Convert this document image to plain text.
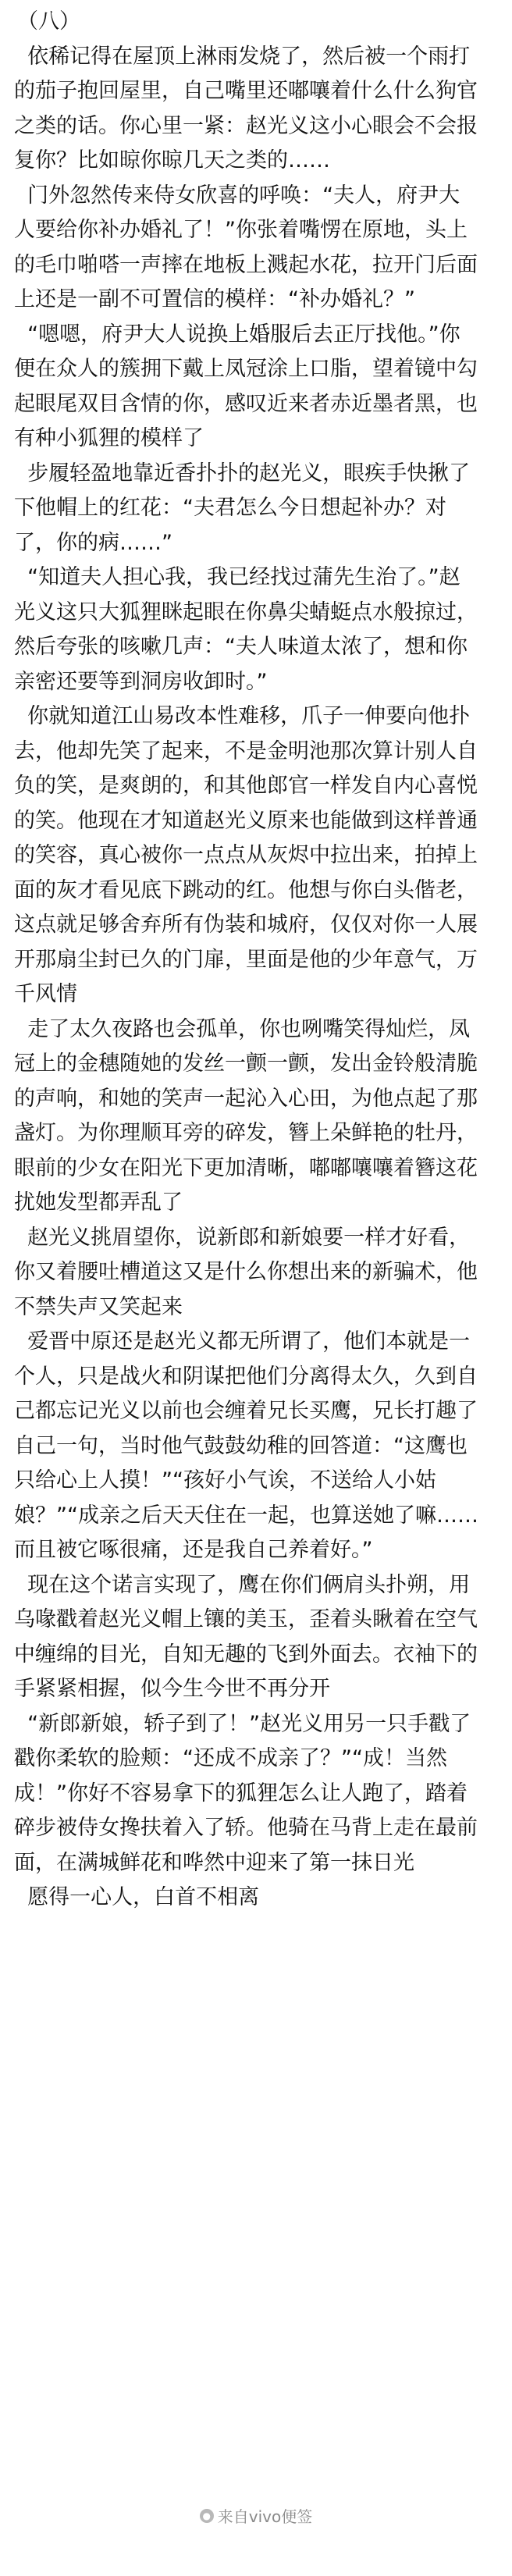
（八）

依稀记得在屋顶上淋雨发烧了，然后被一个雨打的茄子抱回屋里，自己嘴里还嘟嚷着什么什么狗官之类的话。你心里一紧：赵光义这小心眼会不会报复你？比如晾你晾几天之类的……

门外忽然传来侍女欣喜的呼唤：“夫人，府尹大人要给你补办婚礼了！”你张着嘴愣在原地，头上的毛巾啪嗒一声摔在地板上溅起水花，拉开门后面上还是一副不可置信的模样：“补办婚礼？”

“嗯嗯，府尹大人说换上婚服后去正厅找他。”你便在众人的簇拥下戴上凤冠涂上口脂，望着镜中勾起眼尾双目含情的你，感叹近来者赤近墨者黑，也有种小狐狸的模样了

步履轻盈地靠近香扑扑的赵光义，眼疾手快揪了下他帽上的红花：“夫君怎么今日想起补办？对了，你的病……”

“知道夫人担心我，我已经找过蒲先生治了。”赵光义这只大狐狸眯起眼在你鼻尖蜻蜓点水般掠过，然后夸张的咳嗽几声：“夫人味道太浓了，想和你亲密还要等到洞房收卸时。”

你就知道江山易改本性难移，爪子一伸要向他扑去，他却先笑了起来，不是金明池那次算计别人自负的笑，是爽朗的，和其他郎官一样发自内心喜悦的笑。他现在才知道赵光义原来也能做到这样普通的笑容，真心被你一点点从灰烬中拉出来，拍掉上面的灰才看见底下跳动的红。他想与你白头偕老，这点就足够舍弃所有伪装和城府，仅仅对你一人展开那扇尘封已久的门扉，里面是他的少年意气，万千风情

走了太久夜路也会孤单，你也咧嘴笑得灿烂，凤冠上的金穗随她的发丝一颤一颤，发出金铃般清脆的声响，和她的笑声一起沁入心田，为他点起了那盏灯。为你理顺耳旁的碎发，簪上朵鲜艳的牡丹，眼前的少女在阳光下更加清晰，嘟嘟嚷嚷着簪这花扰她发型都弄乱了

赵光义挑眉望你，说新郎和新娘要一样才好看，你又着腰吐槽道这又是什么你想出来的新骗术，他不禁失声又笑起来

爱晋中原还是赵光义都无所谓了，他们本就是一个人，只是战火和阴谋把他们分离得太久，久到自己都忘记光义以前也会缠着兄长买鹰，兄长打趣了自己一句，当时他气鼓鼓幼稚的回答道：“这鹰也只给心上人摸！”“孩好小气诶，不送给人小姑娘？”“成亲之后天天住在一起，也算送她了嘛……而且被它啄很痛，还是我自己养着好。”

现在这个诺言实现了，鹰在你们俩肩头扑朔，用乌喙戳着赵光义帽上镶的美玉，歪着头瞅着在空气中缠绵的目光，自知无趣的飞到外面去。衣袖下的手紧紧相握，似今生今世不再分开

“新郎新娘，轿子到了！”赵光义用另一只手戳了戳你柔软的脸颊：“还成不成亲了？”“成！当然成！”你好不容易拿下的狐狸怎么让人跑了，踏着碎步被侍女搀扶着入了轿。他骑在马背上走在最前面，在满城鲜花和哗然中迎来了第一抹日光

愿得一心人，白首不相离

● 来自vivo便签
